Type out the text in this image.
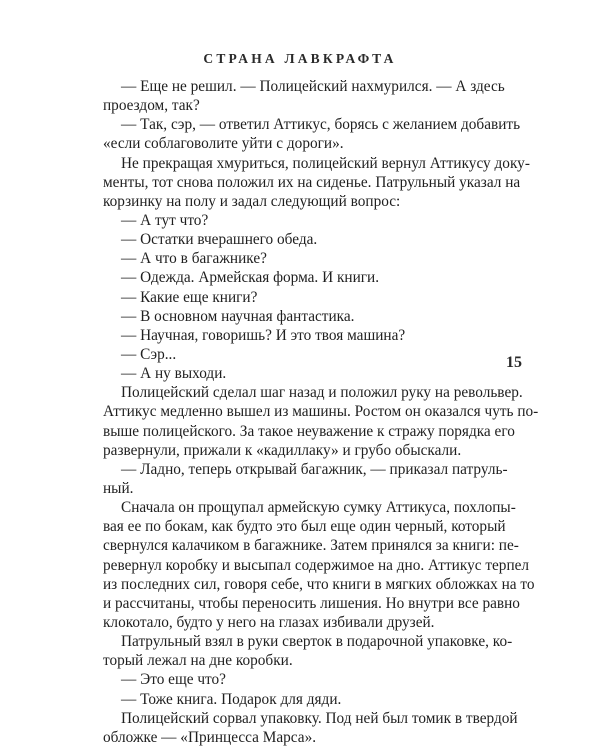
СТРАНА ЛАВКРАФТА
— Еще не решил. — Полицейский нахмурился. — А здесь
проездом, так?
— Так, сэр, — ответил Аттикус, борясь с желанием добавить
«если соблаговолите уйти с дороги».
Не прекращая хмуриться, полицейский вернул Аттикусу доку-
менты, тот снова положил их на сиденье. Патрульный указал на
корзинку на полу и задал следующий вопрос:
— А тут что?
— Остатки вчерашнего обеда.
— А что в багажнике?
— Одежда. Армейская форма. И книги.
— Какие еще книги?
— В основном научная фантастика.
— Научная, говоришь? И это твоя машина?
— Сэр...
— А ну выходи.
Полицейский сделал шаг назад и положил руку на револьвер.
Аттикус медленно вышел из машины. Ростом он оказался чуть по-
выше полицейского. За такое неуважение к стражу порядка его
развернули, прижали к «кадиллаку» и грубо обыскали.
— Ладно, теперь открывай багажник, — приказал патруль-
ный.
Сначала он прощупал армейскую сумку Аттикуса, похлопы-
вая ее по бокам, как будто это был еще один черный, который
свернулся калачиком в багажнике. Затем принялся за книги: пе-
ревернул коробку и высыпал содержимое на дно. Аттикус терпел
из последних сил, говоря себе, что книги в мягких обложках на то
и рассчитаны, чтобы переносить лишения. Но внутри все равно
клокотало, будто у него на глазах избивали друзей.
Патрульный взял в руки сверток в подарочной упаковке, ко-
торый лежал на дне коробки.
— Это еще что?
— Тоже книга. Подарок для дяди.
Полицейский сорвал упаковку. Под ней был томик в твердой
обложке — «Принцесса Марса».
15
